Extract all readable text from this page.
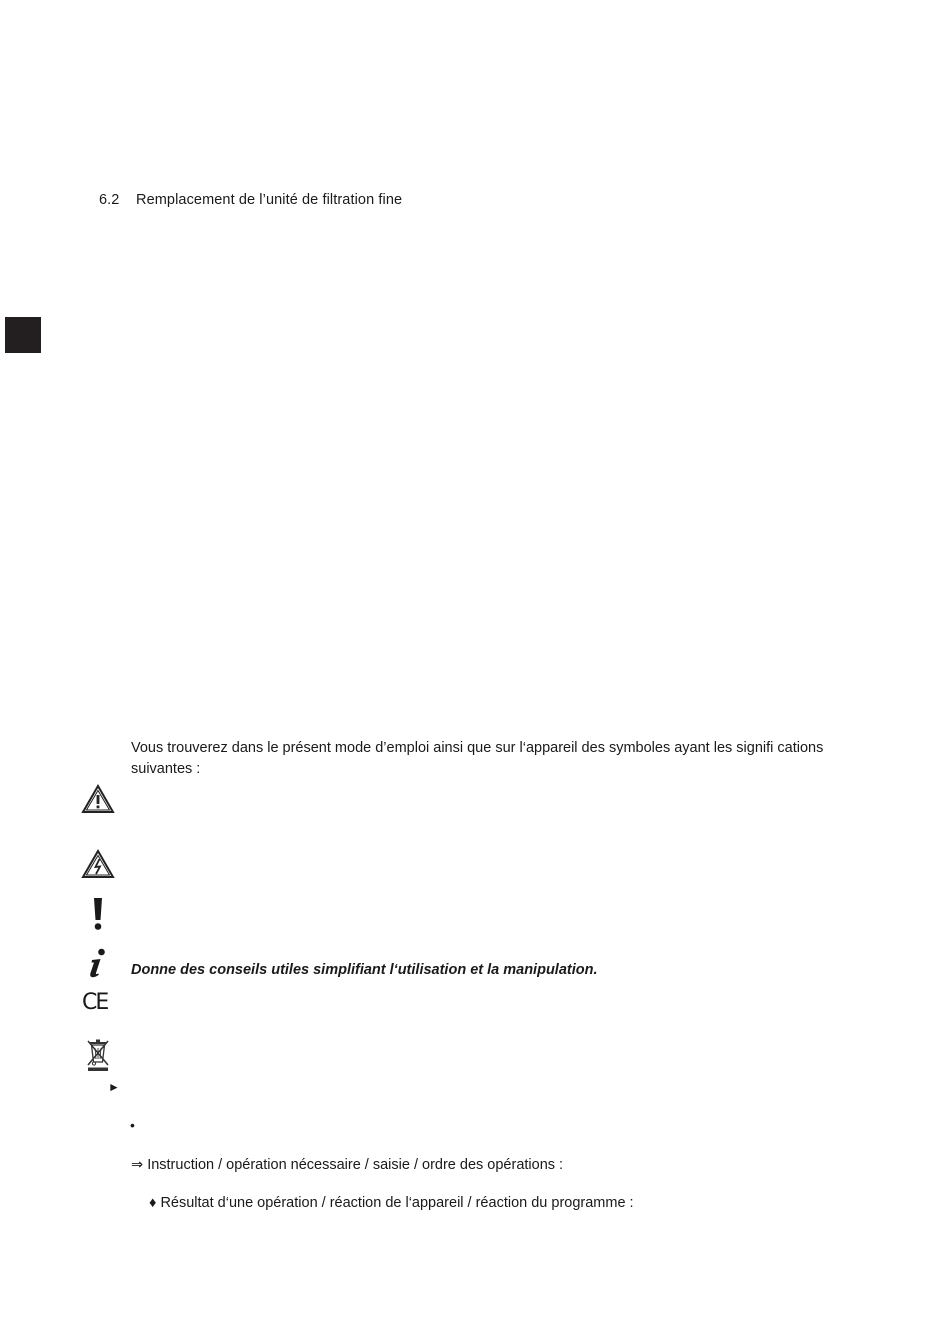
6.2 Remplacement de l’unité de filtration fine
Vous trouverez dans le présent mode d’emploi ainsi que sur l‘appareil des symboles ayant les signifi cations suivantes :
Donne des conseils utiles simplifiant l‘utilisation et la manipulation.
CE
►
•
⇒ Instruction / opération nécessaire / saisie / ordre des opérations :
♦ Résultat d‘une opération / réaction de l‘appareil / réaction du programme :
